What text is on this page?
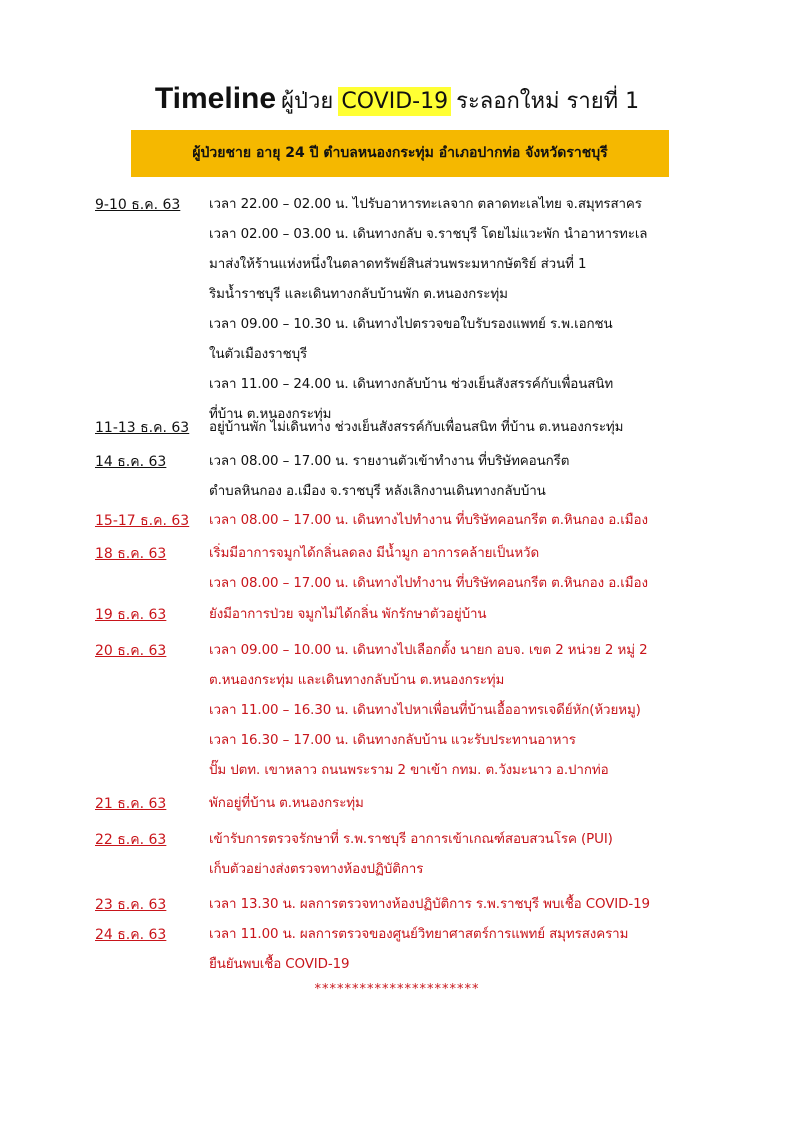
Timeline ผู้ป่วย COVID-19 ระลอกใหม่ รายที่ 1
ผู้ป่วยชาย อายุ 24 ปี ตำบลหนองกระทุ่ม อำเภอปากท่อ จังหวัดราชบุรี
9-10 ธ.ค. 63	เวลา 22.00 – 02.00 น. ไปรับอาหารทะเลจาก ตลาดทะเลไทย จ.สมุทรสาคร
เวลา 02.00 – 03.00 น. เดินทางกลับ จ.ราชบุรี โดยไม่แวะพัก นำอาหารทะเล
มาส่งให้ร้านแห่งหนึ่งในตลาดทรัพย์สินส่วนพระมหากษัตริย์ ส่วนที่ 1
ริมน้ำราชบุรี และเดินทางกลับบ้านพัก ต.หนองกระทุ่ม
เวลา 09.00 – 10.30 น. เดินทางไปตรวจขอใบรับรองแพทย์ ร.พ.เอกชน
ในตัวเมืองราชบุรี
เวลา 11.00 – 24.00 น. เดินทางกลับบ้าน ช่วงเย็นสังสรรค์กับเพื่อนสนิท
ที่บ้าน ต.หนองกระทุ่ม
11-13 ธ.ค. 63	อยู่บ้านพัก ไม่เดินทาง ช่วงเย็นสังสรรค์กับเพื่อนสนิท ที่บ้าน ต.หนองกระทุ่ม
14 ธ.ค. 63	เวลา 08.00 – 17.00 น. รายงานตัวเข้าทำงาน ที่บริษัทคอนกรีต
ตำบลหินกอง อ.เมือง จ.ราชบุรี หลังเลิกงานเดินทางกลับบ้าน
15-17 ธ.ค. 63	เวลา 08.00 – 17.00 น. เดินทางไปทำงาน ที่บริษัทคอนกรีต ต.หินกอง อ.เมือง
18 ธ.ค. 63	เริ่มมีอาการจมูกได้กลิ่นลดลง มีน้ำมูก อาการคล้ายเป็นหวัด
เวลา 08.00 – 17.00 น. เดินทางไปทำงาน ที่บริษัทคอนกรีต ต.หินกอง อ.เมือง
19 ธ.ค. 63	ยังมีอาการป่วย จมูกไม่ได้กลิ่น พักรักษาตัวอยู่บ้าน
20 ธ.ค. 63	เวลา 09.00 – 10.00 น. เดินทางไปเลือกตั้ง นายก อบจ. เขต 2 หน่วย 2 หมู่ 2
ต.หนองกระทุ่ม และเดินทางกลับบ้าน ต.หนองกระทุ่ม
เวลา 11.00 – 16.30 น. เดินทางไปหาเพื่อนที่บ้านเอื้ออาทรเจดีย์หัก(ห้วยหมู)
เวลา 16.30 – 17.00 น. เดินทางกลับบ้าน แวะรับประทานอาหาร
ปั๊ม ปตท. เขาหลาว ถนนพระราม 2 ขาเข้า กทม. ต.วังมะนาว อ.ปากท่อ
21 ธ.ค. 63	พักอยู่ที่บ้าน ต.หนองกระทุ่ม
22 ธ.ค. 63	เข้ารับการตรวจรักษาที่ ร.พ.ราชบุรี อาการเข้าเกณฑ์สอบสวนโรค (PUI)
เก็บตัวอย่างส่งตรวจทางห้องปฏิบัติการ
23 ธ.ค. 63	เวลา 13.30 น. ผลการตรวจทางห้องปฏิบัติการ ร.พ.ราชบุรี พบเชื้อ COVID-19
24 ธ.ค. 63	เวลา 11.00 น. ผลการตรวจของศูนย์วิทยาศาสตร์การแพทย์ สมุทรสงคราม
ยืนยันพบเชื้อ COVID-19
**********************
